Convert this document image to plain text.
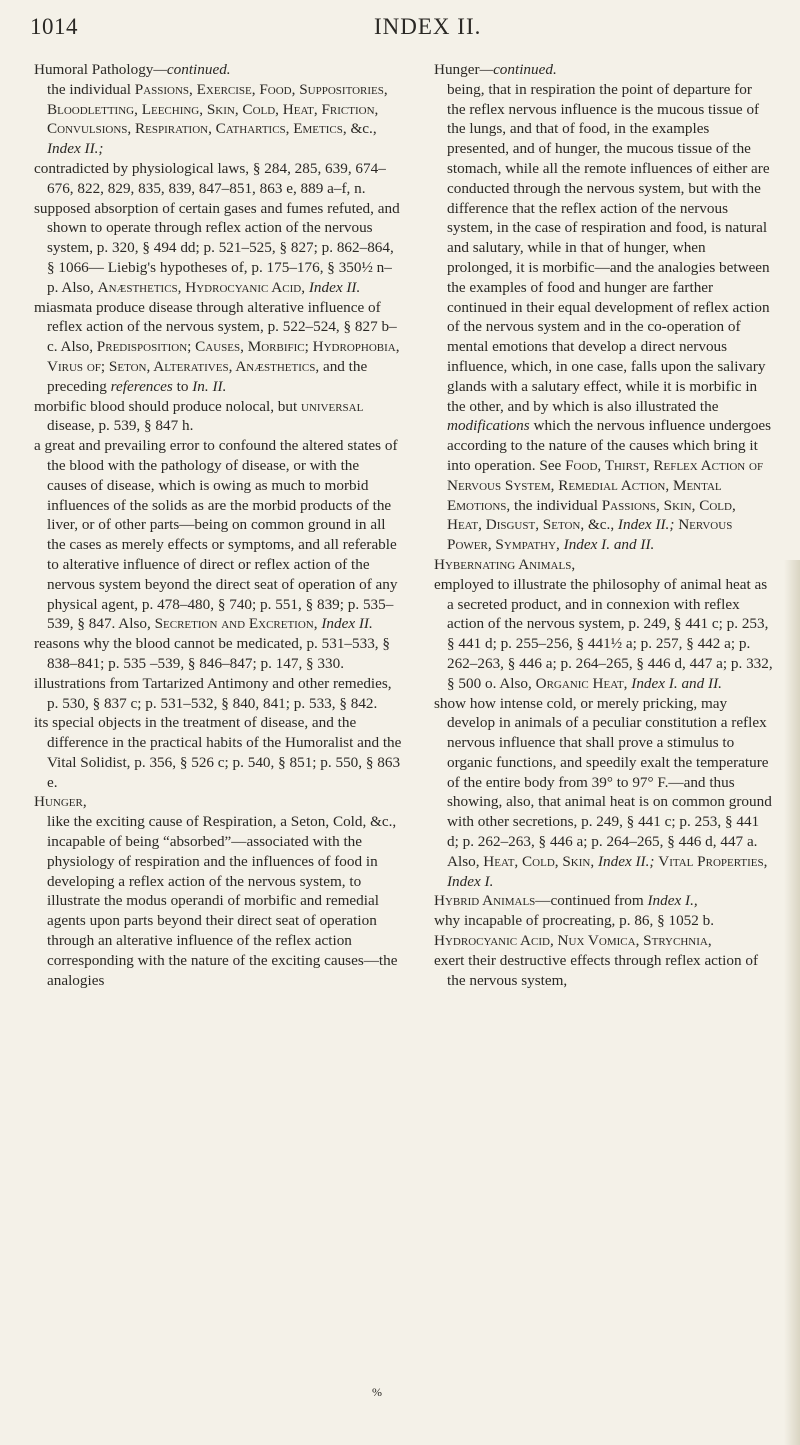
1014	INDEX II.

Humoral Pathology—continued.

the individual Passions, Exercise, Food, Suppositories, Bloodletting, Leeching, Skin, Cold, Heat, Friction, Convulsions, Respiration, Cathartics, Emetics, &c., Index II.;

contradicted by physiological laws, § 284, 285, 639, 674–676, 822, 829, 835, 839, 847–851, 863 e, 889 a–f, n.

supposed absorption of certain gases and fumes refuted, and shown to operate through reflex action of the nervous system, p. 320, § 494 dd; p. 521–525, § 827; p. 862–864, § 1066— Liebig's hypotheses of, p. 175–176, § 350½ n–p. Also, Anæsthetics, Hydrocyanic Acid, Index II.

miasmata produce disease through alterative influence of reflex action of the nervous system, p. 522–524, § 827 b–c. Also, Predisposition; Causes, Morbific; Hydrophobia, Virus of; Seton, Alteratives, Anæsthetics, and the preceding references to In. II.

morbific blood should produce nolocal, but universal disease, p. 539, § 847 h.

a great and prevailing error to confound the altered states of the blood with the pathology of disease, or with the causes of disease, which is owing as much to morbid influences of the solids as are the morbid products of the liver, or of other parts—being on common ground in all the cases as merely effects or symptoms, and all referable to alterative influence of direct or reflex action of the nervous system beyond the direct seat of operation of any physical agent, p. 478–480, § 740; p. 551, § 839; p. 535–539, § 847. Also, Secretion and Excretion, Index II.

reasons why the blood cannot be medicated, p. 531–533, § 838–841; p. 535 –539, § 846–847; p. 147, § 330.

illustrations from Tartarized Antimony and other remedies, p. 530, § 837 c; p. 531–532, § 840, 841; p. 533, § 842.

its special objects in the treatment of disease, and the difference in the practical habits of the Humoralist and the Vital Solidist, p. 356, § 526 c; p. 540, § 851; p. 550, § 863 e.

Hunger,

like the exciting cause of Respiration, a Seton, Cold, &c., incapable of being “absorbed”—associated with the physiology of respiration and the influences of food in developing a reflex action of the nervous system, to illustrate the modus operandi of morbific and remedial agents upon parts beyond their direct seat of operation through an alterative influence of the reflex action corresponding with the nature of the exciting causes—the analogies

Hunger—continued.

being, that in respiration the point of departure for the reflex nervous influence is the mucous tissue of the lungs, and that of food, in the examples presented, and of hunger, the mucous tissue of the stomach, while all the remote influences of either are conducted through the nervous system, but with the difference that the reflex action of the nervous system, in the case of respiration and food, is natural and salutary, while in that of hunger, when prolonged, it is morbific—and the analogies between the examples of food and hunger are farther continued in their equal development of reflex action of the nervous system and in the co-operation of mental emotions that develop a direct nervous influence, which, in one case, falls upon the salivary glands with a salutary effect, while it is morbific in the other, and by which is also illustrated the modifications which the nervous influence undergoes according to the nature of the causes which bring it into operation. See Food, Thirst, Reflex Action of Nervous System, Remedial Action, Mental Emotions, the individual Passions, Skin, Cold, Heat, Disgust, Seton, &c., Index II.; Nervous Power, Sympathy, Index I. and II.

Hybernating Animals,

employed to illustrate the philosophy of animal heat as a secreted product, and in connexion with reflex action of the nervous system, p. 249, § 441 c; p. 253, § 441 d; p. 255–256, § 441½ a; p. 257, § 442 a; p. 262–263, § 446 a; p. 264–265, § 446 d, 447 a; p. 332, § 500 o. Also, Organic Heat, Index I. and II.

show how intense cold, or merely pricking, may develop in animals of a peculiar constitution a reflex nervous influence that shall prove a stimulus to organic functions, and speedily exalt the temperature of the entire body from 39° to 97° F.—and thus showing, also, that animal heat is on common ground with other secretions, p. 249, § 441 c; p. 253, § 441 d; p. 262–263, § 446 a; p. 264–265, § 446 d, 447 a. Also, Heat, Cold, Skin, Index II.; Vital Properties, Index I.

Hybrid Animals—continued from Index I.,

why incapable of procreating, p. 86, § 1052 b.

Hydrocyanic Acid, Nux Vomica, Strychnia,

exert their destructive effects through reflex action of the nervous system,

%
